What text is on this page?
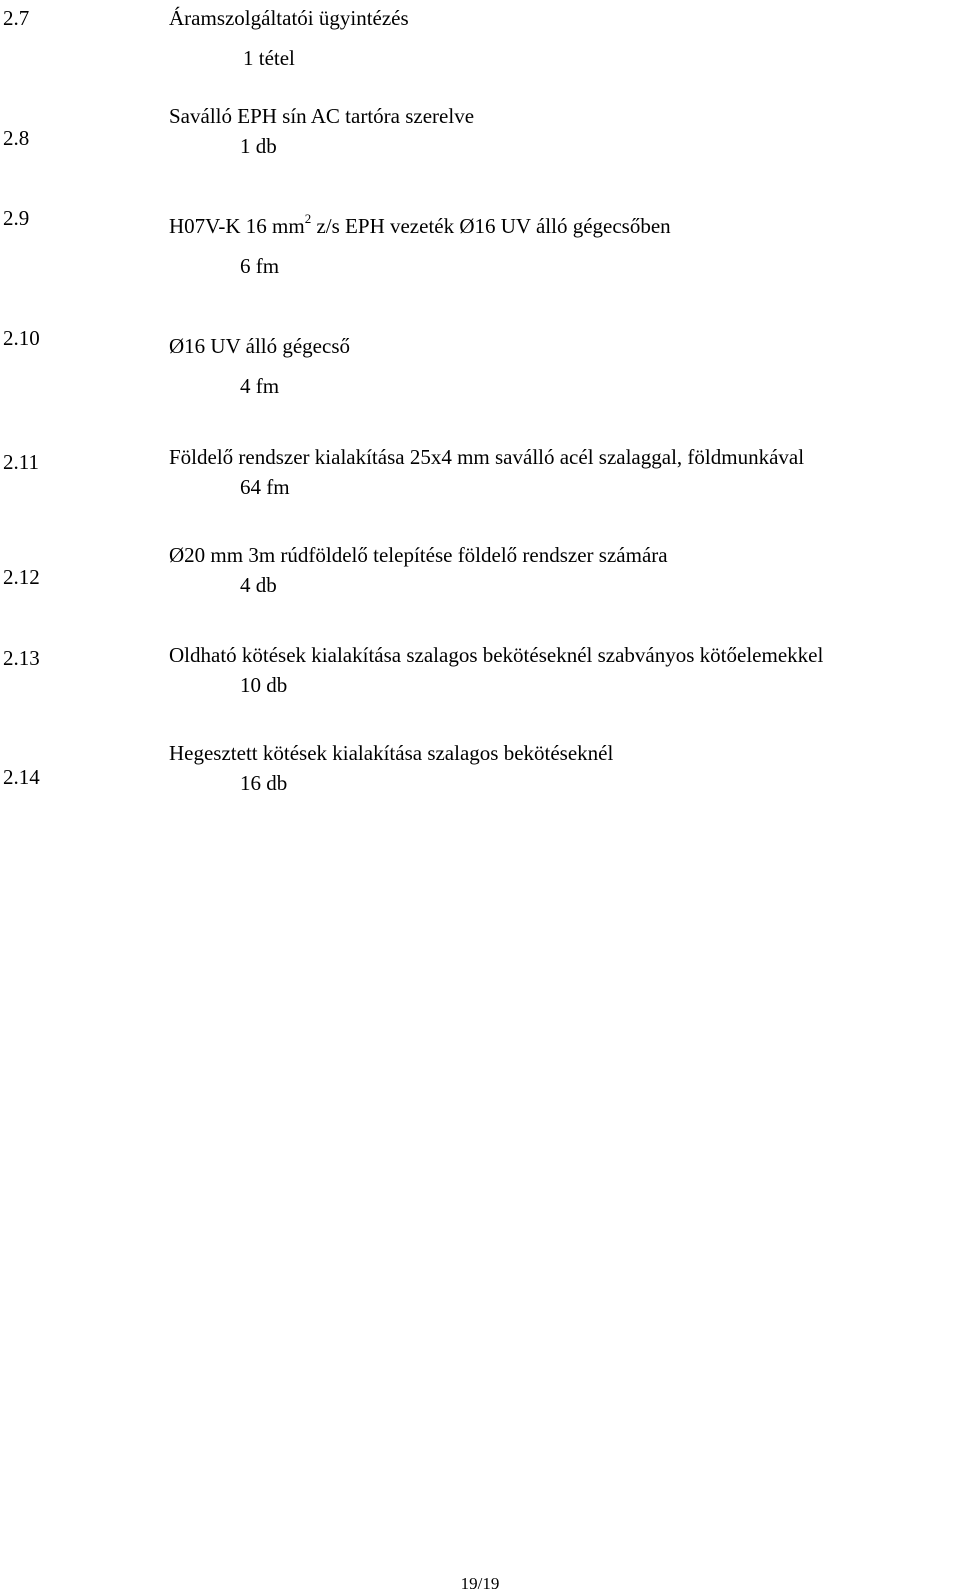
2.7	Áramszolgáltatói ügyintézés
1 tétel
2.8
Saválló EPH sín AC tartóra szerelve
1 db
2.9	H07V-K 16 $mm^2$ z/s EPH vezeték Ø16 UV álló gégecsőben
6 fm
2.10	Ø16 UV álló gégecső
4 fm
2.11	Földelő rendszer kialakítása 25x4 mm saválló acél szalaggal, földmunkával
64 fm
2.12
Ø20 mm 3m rúdföldelő telepítése földelő rendszer számára
4 db
2.13	Oldható kötések kialakítása szalagos bekötéseknél szabványos kötőelemekkel
10 db
2.14
Hegesztett kötések kialakítása szalagos bekötéseknél
16 db
19/19
